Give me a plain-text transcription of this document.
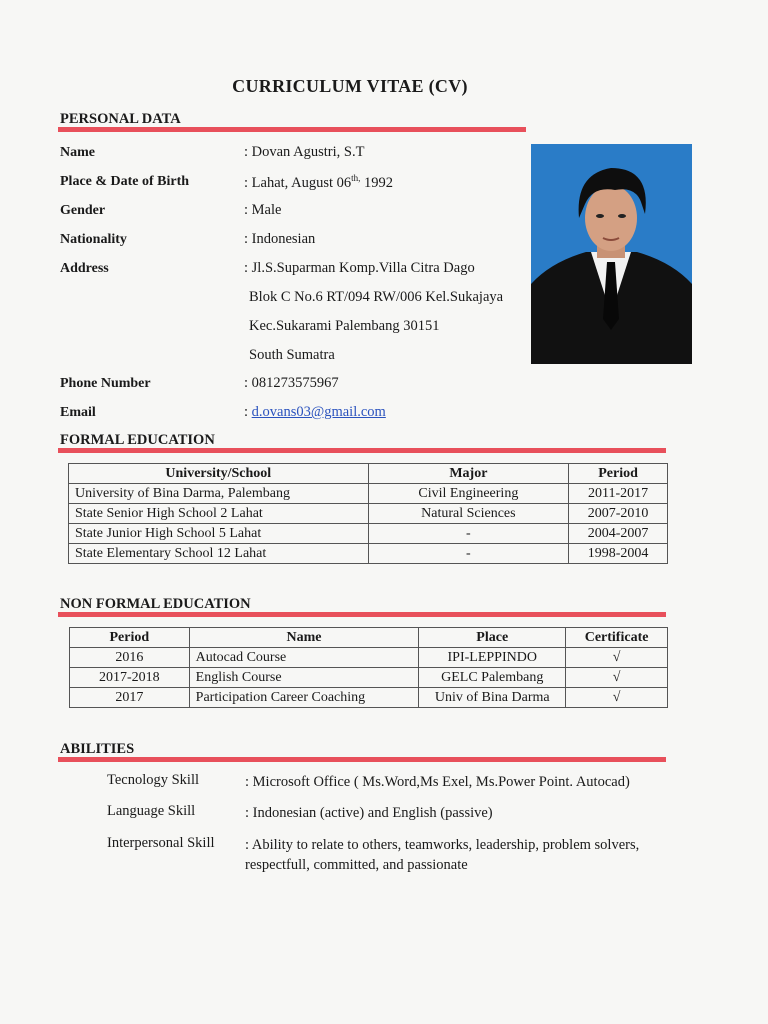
CURRICULUM VITAE (CV)
PERSONAL DATA
Name	: Dovan Agustri, S.T
Place & Date of Birth	: Lahat, August $06^{th,}$ 1992
Gender	: Male
Nationality	: Indonesian
Address	: Jl.S.Suparman Komp.Villa Citra Dago
Blok C No.6 RT/094 RW/006 Kel.Sukajaya
Kec.Sukarami Palembang 30151
South Sumatra
Phone Number	: 081273575967
Email	: d.ovans03@gmail.com
FORMAL EDUCATION
University/School	Major	Period
University of Bina Darma, Palembang	Civil Engineering	2011-2017
State Senior High School 2 Lahat	Natural Sciences	2007-2010
State Junior High School 5 Lahat	-	2004-2007
State Elementary School 12 Lahat	-	1998-2004
NON FORMAL EDUCATION
Period	Name	Place	Certificate
2016	Autocad Course	IPI-LEPPINDO	√
2017-2018	English Course	GELC Palembang	√
2017	Participation Career Coaching	Univ of Bina Darma	√
ABILITIES
Tecnology Skill	: Microsoft Office ( Ms.Word,Ms Exel, Ms.Power Point. Autocad)
Language Skill	: Indonesian (active) and English (passive)
Interpersonal Skill : Ability to relate to others, teamworks, leadership, problem solvers,
respectfull, committed, and passionate
